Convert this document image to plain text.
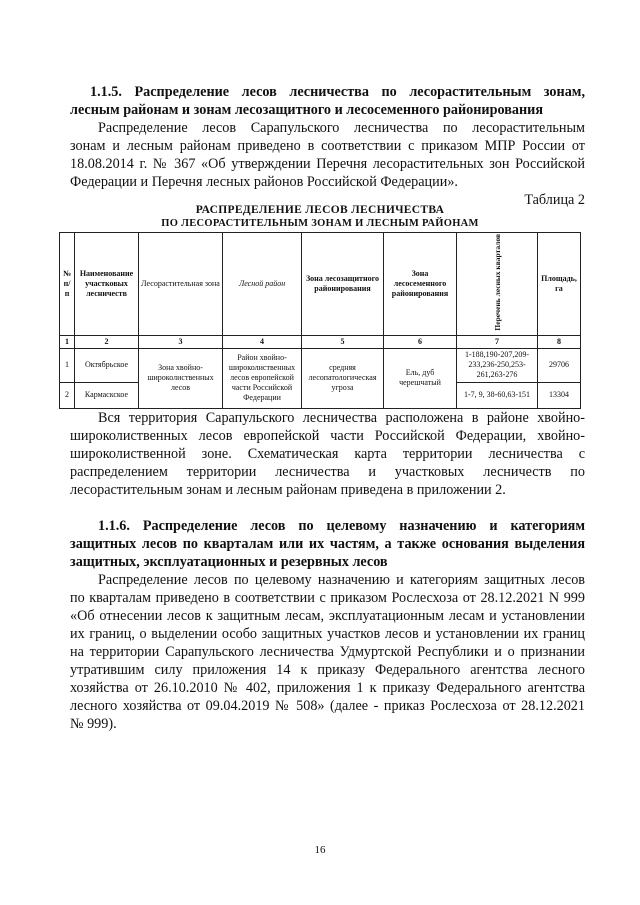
1.1.5. Распределение лесов лесничества по лесорастительным зонам,
лесным районам и зонам лесозащитного и лесосеменного районирования
Распределение лесов Сарапульского лесничества по лесорастительным
зонам и лесным районам приведено в соответствии с приказом МПР России от
18.08.2014 г. № 367 «Об утверждении Перечня лесорастительных зон Российской
Федерации и Перечня лесных районов Российской Федерации».
Таблица 2
РАСПРЕДЕЛЕНИЕ ЛЕСОВ ЛЕСНИЧЕСТВА
ПО ЛЕСОРАСТИТЕЛЬНЫМ ЗОНАМ И ЛЕСНЫМ РАЙОНАМ
№ п/п	Наименование участковых лесничеств	Лесорастительная зона	Лесной район	Зона лесозащитного районирования	Зона лесосеменного районирования	Перечень лесных кварталов	Площадь, га
1	2	3	4	5	6	7	8
1	Октябрьское	Зона хвойно-широколиственных лесов	Район хвойно-широколиственных лесов европейской части Российской Федерации	средняя лесопатологическая угроза	Ель, дуб черешчатый	1-188,190-207,209-233,236-250,253-261,263-276	29706
2	Кармаскское					1-7, 9, 38-60,63-151	13304
Вся территория Сарапульского лесничества расположена в районе хвойно-
широколиственных лесов европейской части Российской Федерации, хвойно-
широколиственной зоне. Схематическая карта территории лесничества с
распределением территории лесничества и участковых лесничеств по
лесорастительным зонам и лесным районам приведена в приложении 2.
1.1.6. Распределение лесов по целевому назначению и категориям
защитных лесов по кварталам или их частям, а также основания выделения
защитных, эксплуатационных и резервных лесов
Распределение лесов по целевому назначению и категориям защитных лесов
по кварталам приведено в соответствии с приказом Рослесхоза от 28.12.2021 N 999
«Об отнесении лесов к защитным лесам, эксплуатационным лесам и установлении
их границ, о выделении особо защитных участков лесов и установлении их границ
на территории Сарапульского лесничества Удмуртской Республики и о признании
утратившим силу приложения 14 к приказу Федерального агентства лесного
хозяйства от 26.10.2010 № 402, приложения 1 к приказу Федерального агентства
лесного хозяйства от 09.04.2019 № 508» (далее - приказ Рослесхоза от 28.12.2021
№ 999).
16
